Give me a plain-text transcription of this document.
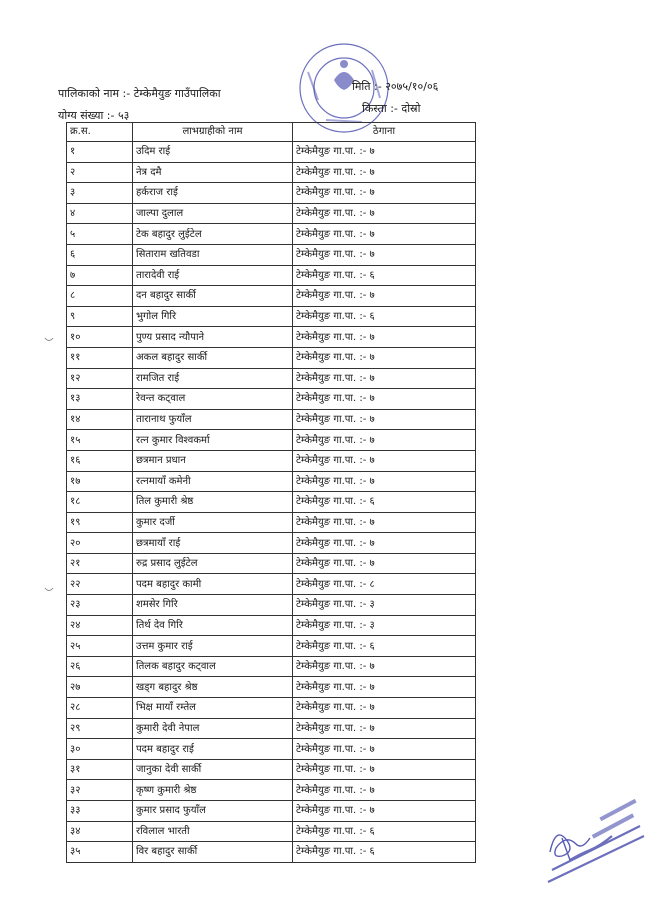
पालिकाको नाम :- टेम्केमैयुङ गाउँपालिका
मिति :- २०७५/१०/०६
योग्य संख्या :- ५३
किस्ता :- दोस्रो
क्र.स.	लाभग्राहीको नाम	ठेगाना
१	उदिम राई	टेम्केमैयुङ गा.पा. :- ७
२	नेत्र दमै	टेम्केमैयुङ गा.पा. :- ७
३	हर्कराज राई	टेम्केमैयुङ गा.पा. :- ७
४	जाल्पा दुलाल	टेम्केमैयुङ गा.पा. :- ७
५	टेक बहादुर लुईटेल	टेम्केमैयुङ गा.पा. :- ७
६	सिताराम खतिवडा	टेम्केमैयुङ गा.पा. :- ७
७	तारादेवी राई	टेम्केमैयुङ गा.पा. :- ६
८	दन बहादुर सार्की	टेम्केमैयुङ गा.पा. :- ७
९	भुगोल गिरि	टेम्केमैयुङ गा.पा. :- ६
१०	पुण्य प्रसाद न्यौपाने	टेम्केमैयुङ गा.पा. :- ७
११	अकल बहादुर सार्की	टेम्केमैयुङ गा.पा. :- ७
१२	रामजित राई	टेम्केमैयुङ गा.पा. :- ७
१३	रेवन्त कट्वाल	टेम्केमैयुङ गा.पा. :- ७
१४	तारानाथ फुयाँल	टेम्केमैयुङ गा.पा. :- ७
१५	रत्न कुमार विश्वकर्मा	टेम्केमैयुङ गा.पा. :- ७
१६	छत्रमान प्रधान	टेम्केमैयुङ गा.पा. :- ७
१७	रत्नमायाँ कमेनी	टेम्केमैयुङ गा.पा. :- ७
१८	तिल कुमारी श्रेष्ठ	टेम्केमैयुङ गा.पा. :- ६
१९	कुमार दर्जी	टेम्केमैयुङ गा.पा. :- ७
२०	छत्रमायाँ राई	टेम्केमैयुङ गा.पा. :- ७
२१	रुद्र प्रसाद लुईटेल	टेम्केमैयुङ गा.पा. :- ७
२२	पदम बहादुर कामी	टेम्केमैयुङ गा.पा. :- ८
२३	शमसेर गिरि	टेम्केमैयुङ गा.पा. :- ३
२४	तिर्थ देव गिरि	टेम्केमैयुङ गा.पा. :- ३
२५	उत्तम कुमार राई	टेम्केमैयुङ गा.पा. :- ६
२६	तिलक बहादुर कट्वाल	टेम्केमैयुङ गा.पा. :- ७
२७	खड्ग बहादुर श्रेष्ठ	टेम्केमैयुङ गा.पा. :- ७
२८	भिक्ष मायाँ रम्तेल	टेम्केमैयुङ गा.पा. :- ७
२९	कुमारी देवी नेपाल	टेम्केमैयुङ गा.पा. :- ७
३०	पदम बहादुर राई	टेम्केमैयुङ गा.पा. :- ७
३१	जानुका देवी सार्की	टेम्केमैयुङ गा.पा. :- ७
३२	कृष्ण कुमारी श्रेष्ठ	टेम्केमैयुङ गा.पा. :- ७
३३	कुमार प्रसाद फुयाँल	टेम्केमैयुङ गा.पा. :- ७
३४	रविलाल भारती	टेम्केमैयुङ गा.पा. :- ६
३५	विर बहादुर सार्की	टेम्केमैयुङ गा.पा. :- ६
